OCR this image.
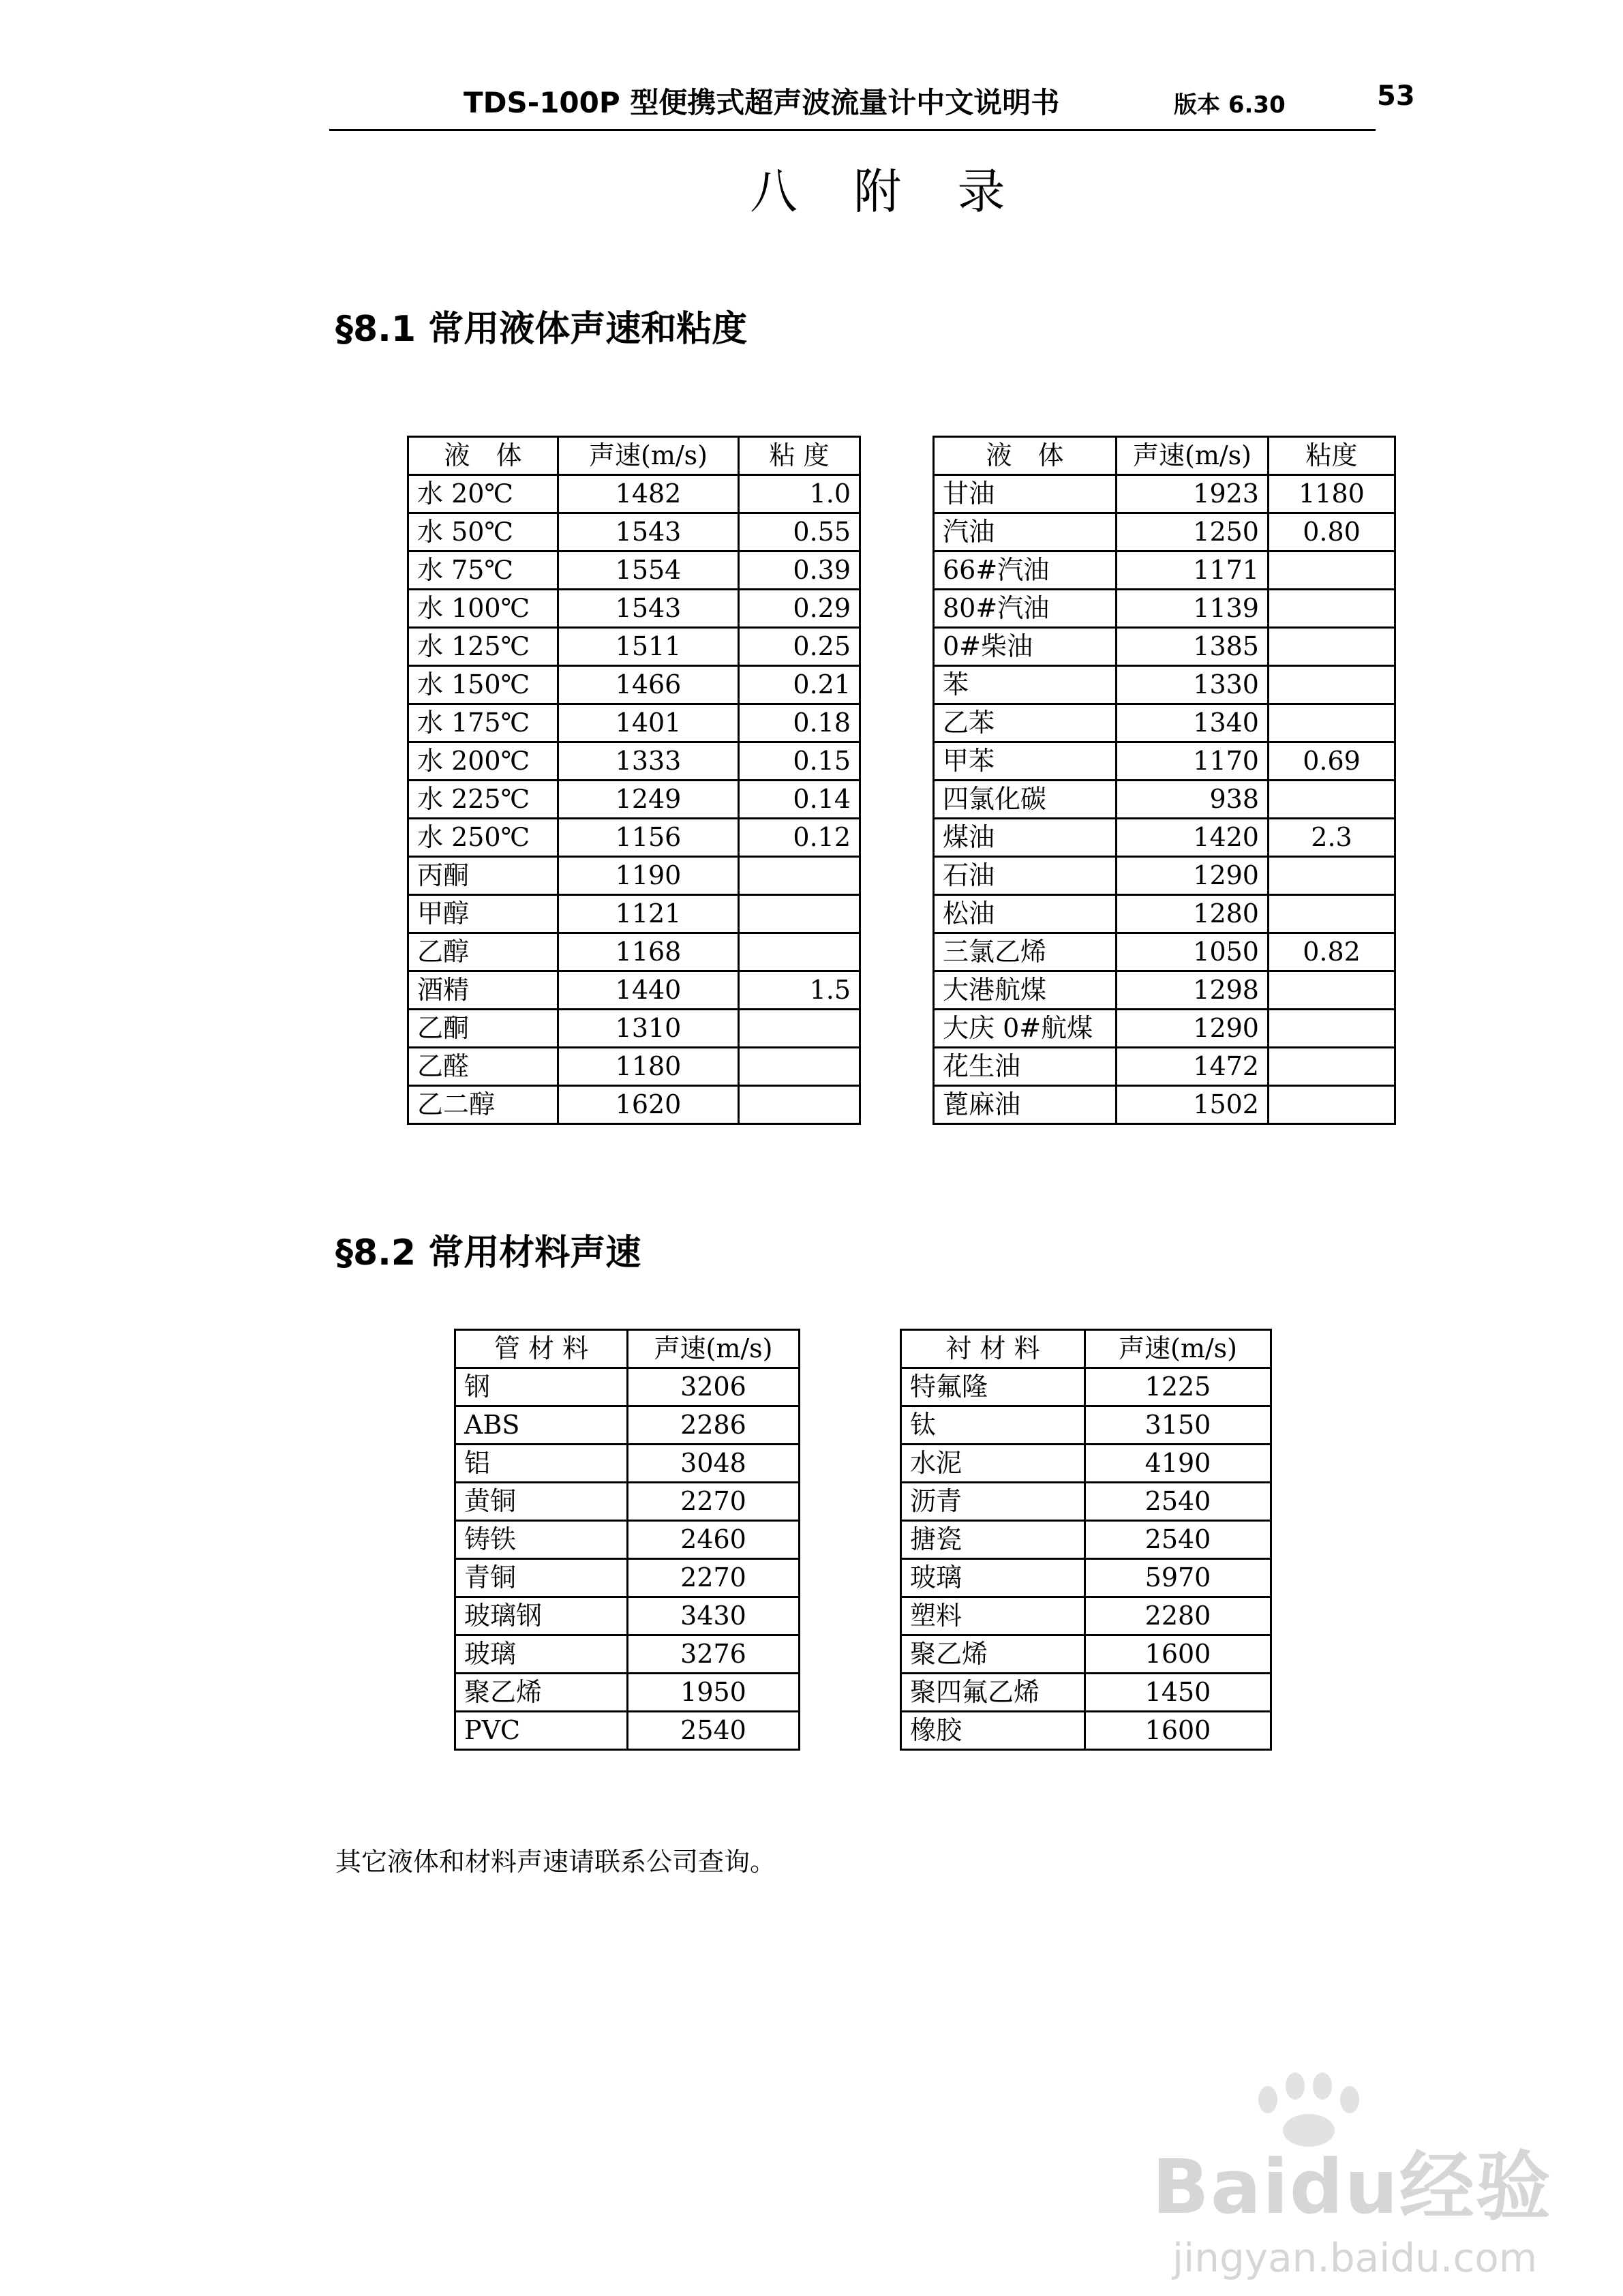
TDS-100P 型便携式超声波流量计中文说明书	版本 6.30	53
八 附 录
§8.1 常用液体声速和粘度
液　体	声速(m/s)	粘 度
水 20℃	1482	1.0
水 50℃	1543	0.55
水 75℃	1554	0.39
水 100℃	1543	0.29
水 125℃	1511	0.25
水 150℃	1466	0.21
水 175℃	1401	0.18
水 200℃	1333	0.15
水 225℃	1249	0.14
水 250℃	1156	0.12
丙酮	1190	
甲醇	1121	
乙醇	1168	
酒精	1440	1.5
乙酮	1310	
乙醛	1180	
乙二醇	1620	
液　体	声速(m/s)	粘度
甘油	1923	1180
汽油	1250	0.80
66#汽油	1171	
80#汽油	1139	
0#柴油	1385	
苯	1330	
乙苯	1340	
甲苯	1170	0.69
四氯化碳	938	
煤油	1420	2.3
石油	1290	
松油	1280	
三氯乙烯	1050	0.82
大港航煤	1298	
大庆 0#航煤	1290	
花生油	1472	
蓖麻油	1502	
§8.2 常用材料声速
管 材 料	声速(m/s)
钢	3206
ABS	2286
铝	3048
黄铜	2270
铸铁	2460
青铜	2270
玻璃钢	3430
玻璃	3276
聚乙烯	1950
PVC	2540
衬 材 料	声速(m/s)
特氟隆	1225
钛	3150
水泥	4190
沥青	2540
搪瓷	2540
玻璃	5970
塑料	2280
聚乙烯	1600
聚四氟乙烯	1450
橡胶	1600
其它液体和材料声速请联系公司查询。
Baidu经验
jingyan.baidu.com
